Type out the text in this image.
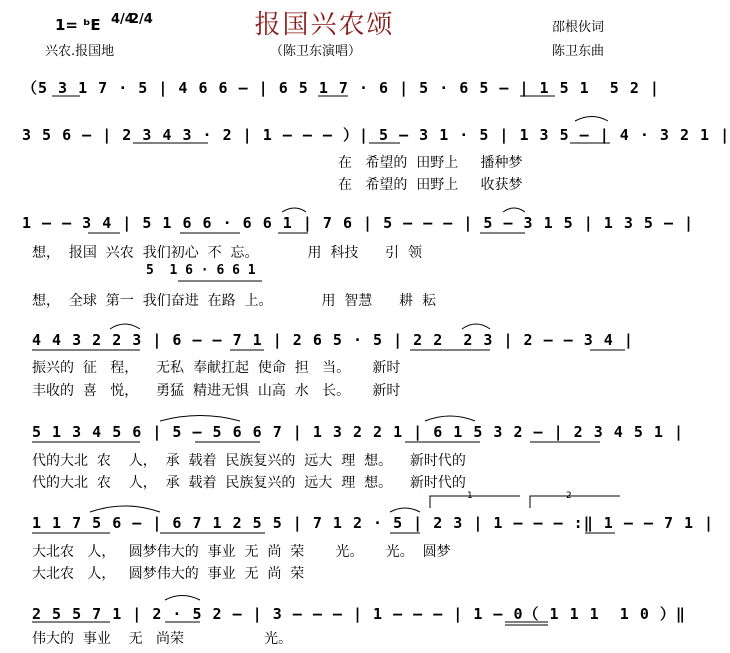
报国兴农颂
1= ᵇE 4/4
2/4
兴农.报国地	（陈卫东演唱）
邵根伙词
陈卫东曲
（5 3 1 7 · 5 | 4 6 6 – | 6 5 1 7 · 6 | 5 · 6 5 – | 1 5 1  5 2 |
3 5 6 – | 2 3 4 3 · 2 | 1 – – – ）| 5 – 3 1 · 5 | 1 3 5 – | 4 · 3 2 1 |
在   希望的  田野上     播种梦
在   希望的  田野上     收获梦
1 – – 3 4 | 5 1 6 6 · 6 6 1 | 7 6 | 5 – – – | 5 – 3 1 5 | 1 3 5 – |
想，  报国  兴农  我们初心  不  忘。           用  科技      引  领
5  1 6 · 6 6 1
想，  全球  第一  我们奋进  在路  上。           用  智慧      耕  耘
4 4 3 2 2 3 | 6 – – 7 1 | 2 6 5 · 5 | 2 2  2 3 | 2 – – 3 4 |
振兴的  征   程，    无私  奉献扛起  使命  担   当。     新时
丰收的  喜   悦，    勇猛  精进无惧  山高  水   长。     新时
5 1 3 4 5 6 | 5 – 5 6 6 7 | 1 3 2 2 1 | 6 1 5 3 2 – | 2 3 4 5 1 |
代的大北  农    人，  承  载着  民族复兴的  远大  理  想。    新时代的
代的大北  农    人，  承  载着  民族复兴的  远大  理  想。    新时代的
1	2
1 1 7 5 6 – | 6 7 1 2 5 5 | 7 1 2 · 5 | 2 3 | 1 – – – :‖ 1 – – 7 1 |
大北农   人，   圆梦伟大的  事业  无  尚  荣       光。     光。  圆梦
大北农   人，   圆梦伟大的  事业  无  尚  荣
2 5 5 7 1 | 2 · 5 2 – | 3 – – – | 1 – – – | 1 – 0（ 1 1 1  1 0 ）‖
伟大的  事业    无   尚荣                  光。
